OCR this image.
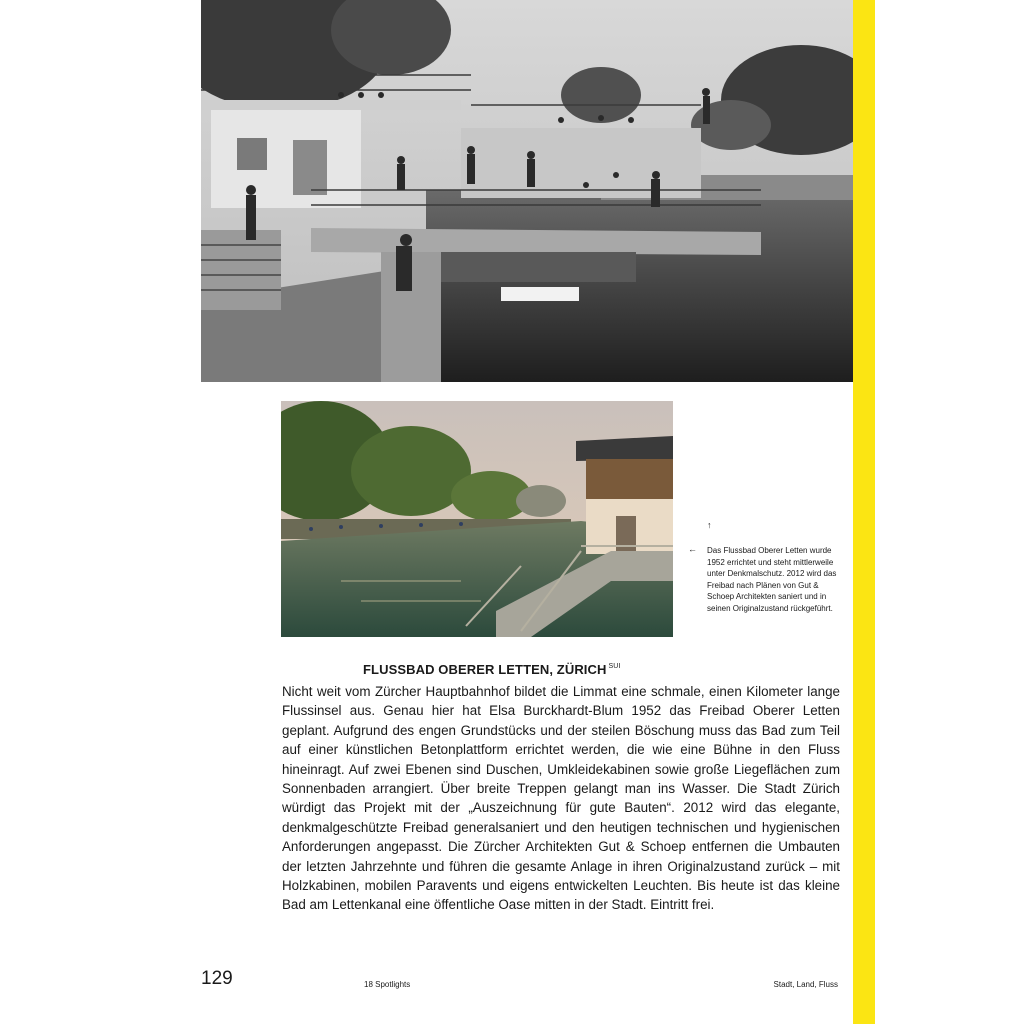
↑
← Das Flussbad Oberer Letten wurde 1952 errichtet und steht mittlerweile unter Denkmalschutz. 2012 wird das Freibad nach Plänen von Gut & Schoep Architekten saniert und in seinen Originalzustand rückgeführt.
FLUSSBAD OBERER LETTEN, ZÜRICH $^{SUI}$
Nicht weit vom Zürcher Hauptbahnhof bildet die Limmat eine schmale, einen Kilometer lange Flussinsel aus. Genau hier hat Elsa Burckhardt-Blum 1952 das Freibad Oberer Letten geplant. Aufgrund des engen Grundstücks und der steilen Böschung muss das Bad zum Teil auf einer künstlichen Betonplattform errichtet werden, die wie eine Bühne in den Fluss hineinragt. Auf zwei Ebenen sind Duschen, Umkleidekabinen sowie große Liegeflächen zum Sonnenbaden arrangiert. Über breite Treppen gelangt man ins Wasser. Die Stadt Zürich würdigt das Projekt mit der „Auszeichnung für gute Bauten“. 2012 wird das elegante, denkmalgeschützte Freibad generalsaniert und den heutigen technischen und hygienischen Anforderungen angepasst. Die Zürcher Architekten Gut & Schoep entfernen die Umbauten der letzten Jahrzehnte und führen die gesamte Anlage in ihren Originalzustand zurück – mit Holzkabinen, mobilen Paravents und eigens entwickelten Leuchten. Bis heute ist das kleine Bad am Lettenkanal eine öffentliche Oase mitten in der Stadt. Eintritt frei.
129	18 Spotlights	Stadt, Land, Fluss
